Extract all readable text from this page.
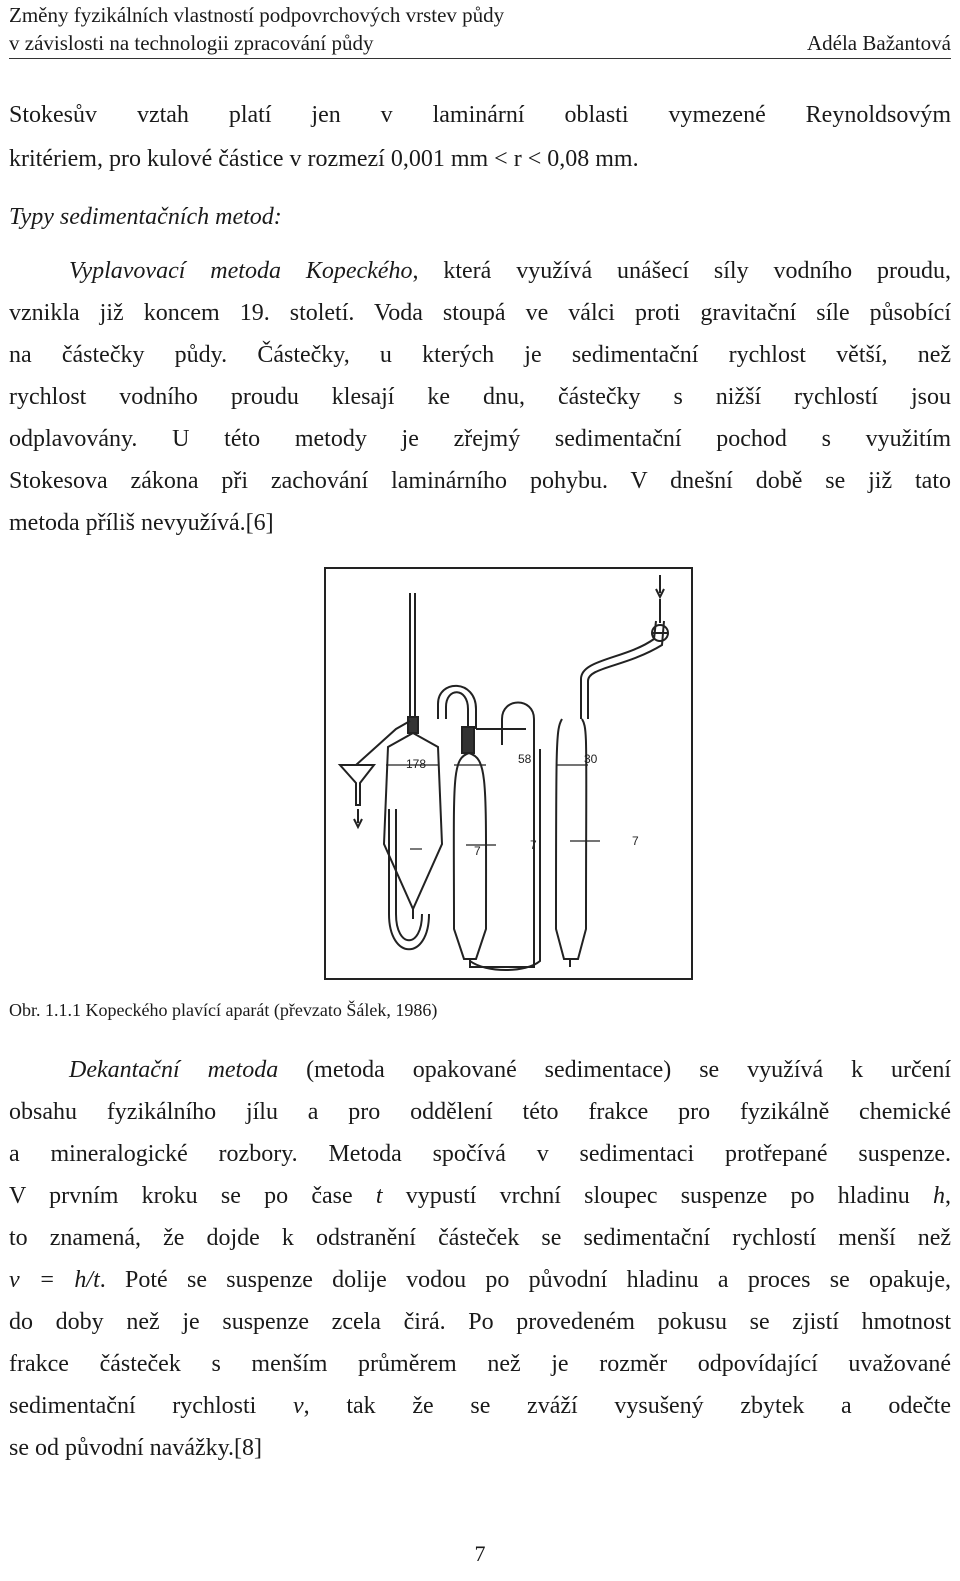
Změny fyzikálních vlastností podpovrchových vrstev půdy
v závislosti na technologii zpracování půdy	Adéla Bažantová
Stokesův vztah platí jen v laminární oblasti vymezené Reynoldsovým
kritériem, pro kulové částice v rozmezí 0,001 mm < r < 0,08 mm.
Typy sedimentačních metod:
Vyplavovací metoda Kopeckého, která využívá unášecí síly vodního proudu,
vznikla již koncem 19. století. Voda stoupá ve válci proti gravitační síle působící
na částečky půdy. Částečky, u kterých je sedimentační rychlost větší, než
rychlost vodního proudu klesají ke dnu, částečky s nižší rychlostí jsou
odplavovány. U této metody je zřejmý sedimentační pochod s využitím
Stokesova zákona při zachování laminárního pohybu. V dnešní době se již tato
metoda příliš nevyužívá.[6]
178	58	30
7	7	7
Obr. 1.1.1 Kopeckého plavící aparát (převzato Šálek, 1986)
Dekantační metoda (metoda opakované sedimentace) se využívá k určení
obsahu fyzikálního jílu a pro oddělení této frakce pro fyzikálně chemické
a mineralogické rozbory. Metoda spočívá v sedimentaci protřepané suspenze.
V prvním kroku se po čase t vypustí vrchní sloupec suspenze po hladinu h,
to znamená, že dojde k odstranění částeček se sedimentační rychlostí menší než
v = h/t. Poté se suspenze dolije vodou po původní hladinu a proces se opakuje,
do doby než je suspenze zcela čirá. Po provedeném pokusu se zjistí hmotnost
frakce částeček s menším průměrem než je rozměr odpovídající uvažované
sedimentační rychlosti v, tak že se zváží vysušený zbytek a odečte
se od původní navážky.[8]
7
